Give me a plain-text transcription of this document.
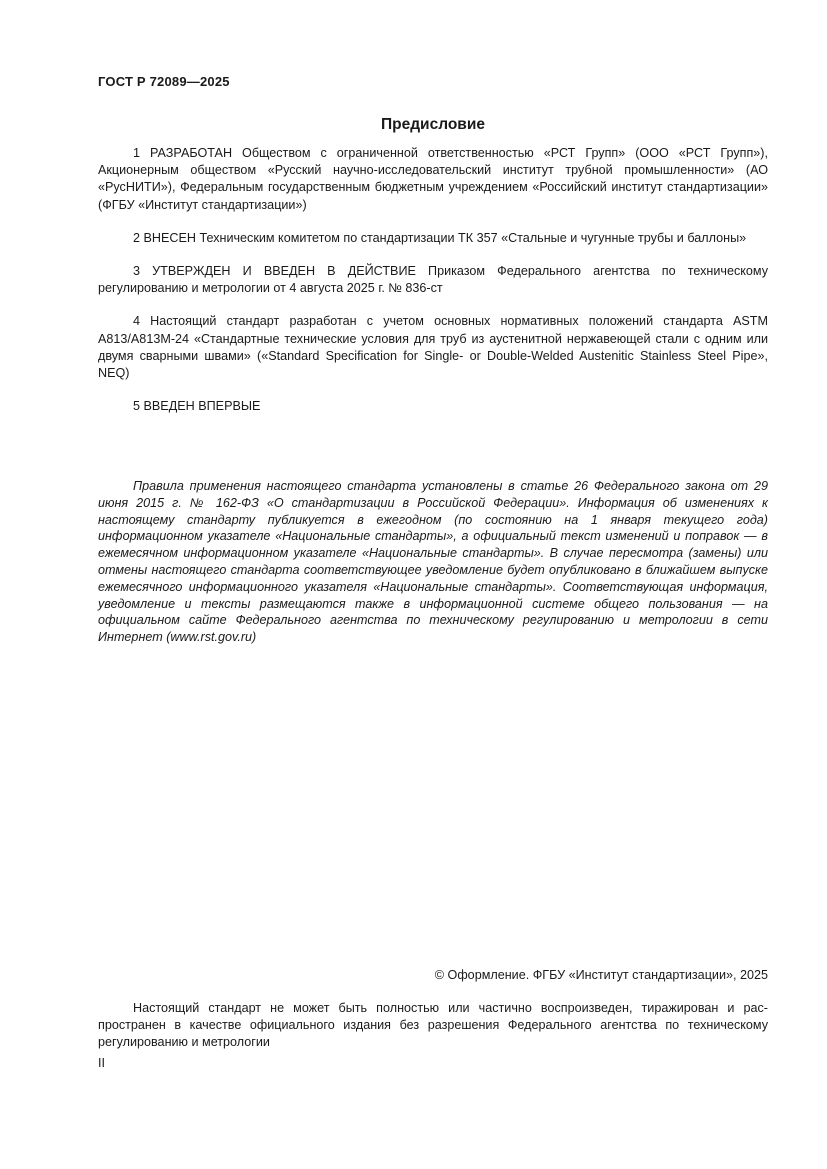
ГОСТ Р 72089—2025
Предисловие

1 РАЗРАБОТАН Обществом с ограниченной ответственностью «РСТ Групп» (ООО «РСТ Групп»), Акционерным обществом «Русский научно-исследовательский институт трубной промышленности» (АО «РусНИТИ»), Федеральным государственным бюджетным учреждением «Российский институт стандартизации» (ФГБУ «Институт стандартизации»)

2 ВНЕСЕН Техническим комитетом по стандартизации ТК 357 «Стальные и чугунные трубы и баллоны»

3 УТВЕРЖДЕН И ВВЕДЕН В ДЕЙСТВИЕ Приказом Федерального агентства по техническому регулированию и метрологии от 4 августа 2025 г. № 836-ст

4 Настоящий стандарт разработан с учетом основных нормативных положений стандарта ASTM A813/A813M-24 «Стандартные технические условия для труб из аустенитной нержавеющей стали с одним или двумя сварными швами» («Standard Specification for Single- or Double-Welded Austenitic Stainless Steel Pipe», NEQ)

5 ВВЕДЕН ВПЕРВЫЕ

Правила применения настоящего стандарта установлены в статье 26 Федерального закона от 29 июня 2015 г. № 162-ФЗ «О стандартизации в Российской Федерации». Информация об изменениях к настоящему стандарту публикуется в ежегодном (по состоянию на 1 января текущего года) информационном указателе «Национальные стандарты», а официальный текст изменений и поправок — в ежемесячном информационном указателе «Национальные стандарты». В случае пересмотра (замены) или отмены настоящего стандарта соответствующее уведомление будет опубликовано в ближайшем выпуске ежемесячного информационного указателя «Национальные стандарты». Соответствующая информация, уведомление и тексты размещаются также в информационной системе общего пользования — на официальном сайте Федерального агентства по техническому регулированию и метрологии в сети Интернет (www.rst.gov.ru)

© Оформление. ФГБУ «Институт стандартизации», 2025

Настоящий стандарт не может быть полностью или частично воспроизведен, тиражирован и распространен в качестве официального издания без разрешения Федерального агентства по техническому регулированию и метрологии

II
